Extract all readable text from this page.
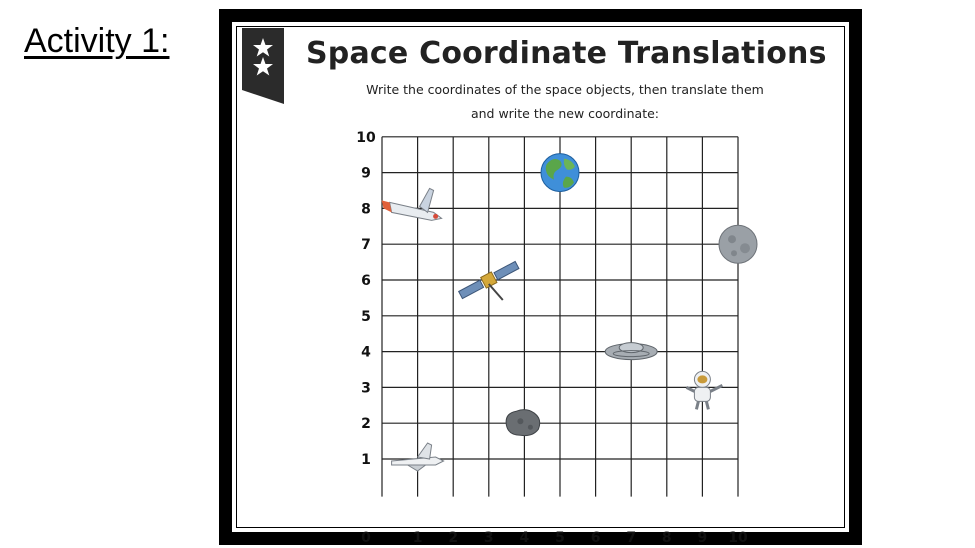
Activity 1:	Space Coordinate Translations
Write the coordinates of the space objects, then translate them
and write the new coordinate:
0	1 2 3 4 5 6 7 8 9 10
1
2
3
4
5
6
7
8
9
10
